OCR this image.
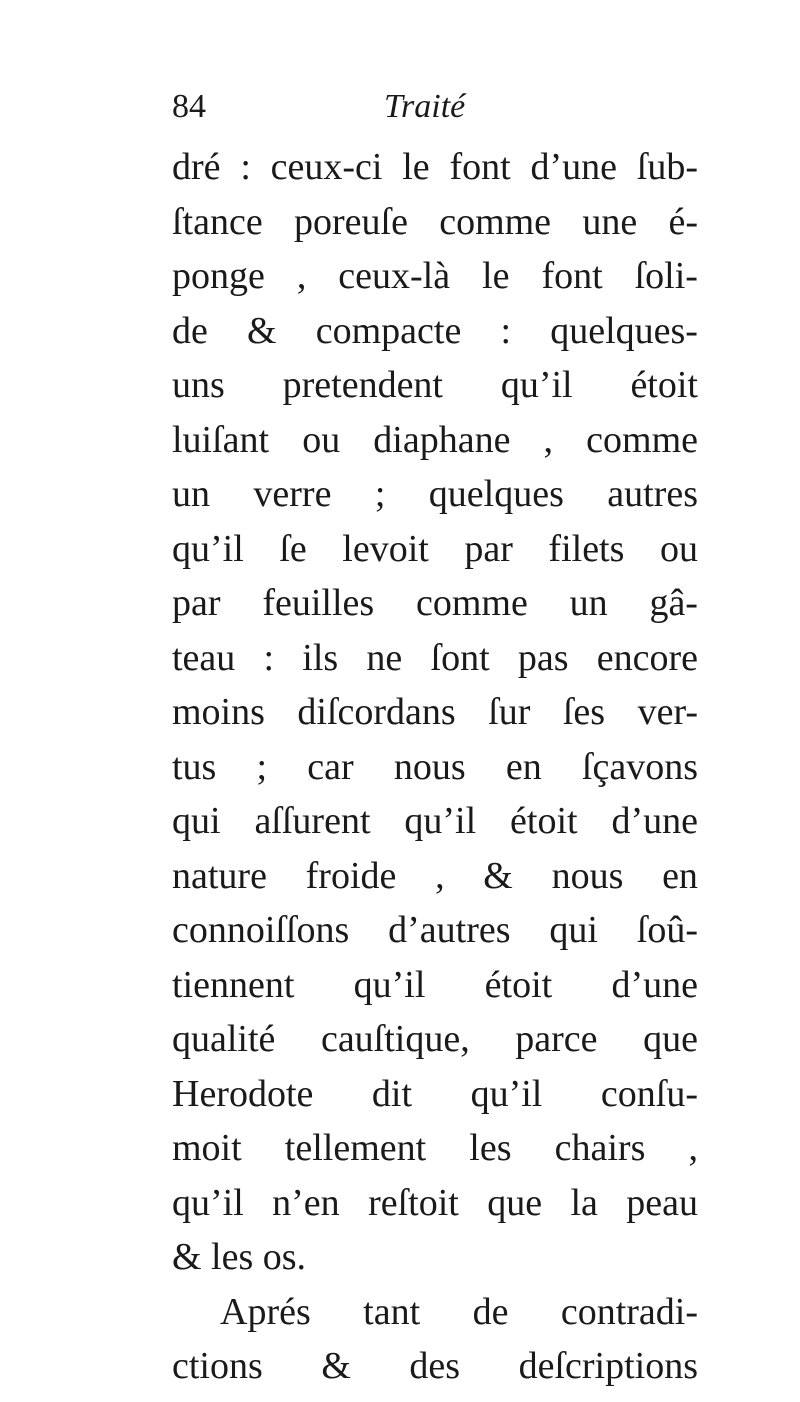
84	Traité
dré : ceux-ci le font d’une ſub-
ſtance poreuſe comme une é-
ponge , ceux-là le font ſoli-
de & compacte : quelques-
uns pretendent qu’il étoit
luiſant ou diaphane , comme
un verre ; quelques autres
qu’il ſe levoit par filets ou
par feuilles comme un gâ-
teau : ils ne ſont pas encore
moins diſcordans ſur ſes ver-
tus ; car nous en ſçavons
qui aſſurent qu’il étoit d’une
nature froide , & nous en
connoiſſons d’autres qui ſoû-
tiennent qu’il étoit d’une
qualité cauſtique, parce que
Herodote dit qu’il conſu-
moit tellement les chairs ,
qu’il n’en reſtoit que la peau
& les os.
Aprés tant de contradi-
ctions & des deſcriptions
